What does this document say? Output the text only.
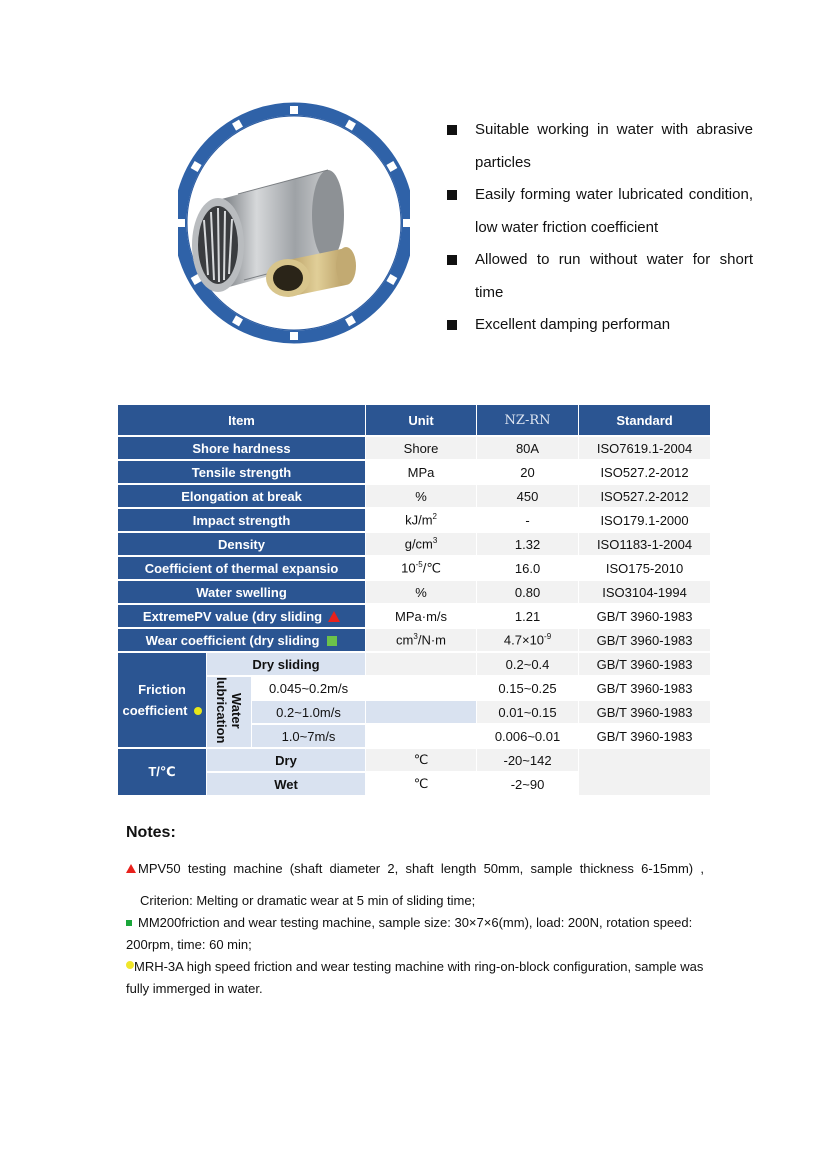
Suitable working in water with abrasive particles
Easily forming water lubricated condition, low water friction coefficient
Allowed to run without water for short time
Excellent damping performan
Item			Unit	NZ-RN	Standard
Shore hardness			Shore	80A	ISO7619.1-2004
Tensile strength			MPa	20	ISO527.2-2012
Elongation at break			%	450	ISO527.2-2012
Impact strength			$kJ/m^2$	-	ISO179.1-2000
Density			$g/cm^3$	1.32	ISO1183-1-2004
Coefficient of thermal expansio			$10^{-5}/℃$	16.0	ISO175-2010
Water swelling			%	0.80	ISO3104-1994
ExtremePV value (dry sliding			MPa·m/s	1.21	GB/T 3960-1983
Wear coefficient (dry sliding			$cm^3/N\cdot m$	$4.7\times 10^{-9}$	GB/T 3960-1983

Friction
coefficient	Dry sliding			0.2~0.4	GB/T 3960-1983
	Water lubrication	0.045~0.2m/s		0.15~0.25	GB/T 3960-1983
		0.2~1.0m/s		0.01~0.15	GB/T 3960-1983
		1.0~7m/s		0.006~0.01	GB/T 3960-1983
T/℃	Dry		℃	-20~142	
	Wet		℃	-2~90	
Notes:

MPV50 testing machine (shaft diameter 2, shaft length 50mm, sample thickness 6-15mm) ,

Criterion: Melting or dramatic wear at 5 min of sliding time;

MM200friction and wear testing machine, sample size: 30×7×6(mm), load: 200N, rotation speed: 200rpm, time: 60 min;

MRH-3A high speed friction and wear testing machine with ring-on-block configuration, sample was fully immerged in water.
